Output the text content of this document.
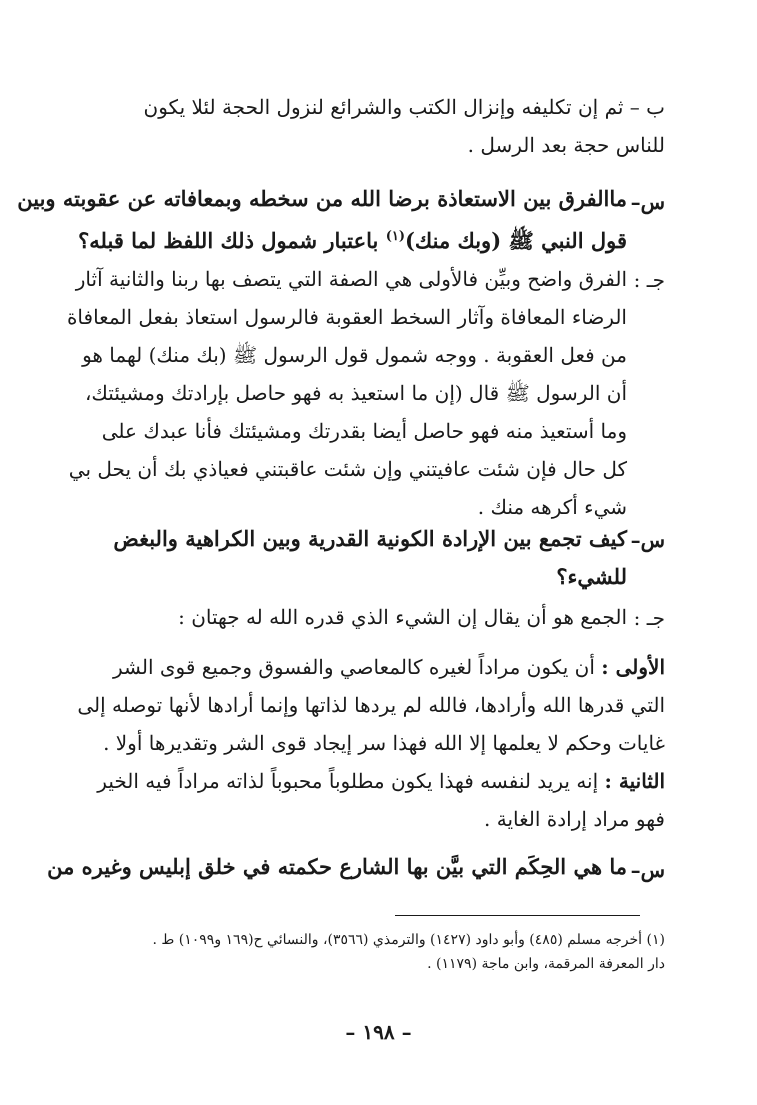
ب – ثم إن تكليفه وإنزال الكتب والشرائع لنزول الحجة لئلا يكون
للناس حجة بعد الرسل .
س–
ماالفرق بين الاستعاذة برضا الله من سخطه وبمعافاته عن عقوبته وبين
قول النبي ﷺ (وبك منك)$^{(١)}$ باعتبار شمول ذلك اللفظ لما قبله؟
جـ :
الفرق واضح وبيِّن فالأولى هي الصفة التي يتصف بها ربنا والثانية آثار
الرضاء المعافاة وآثار السخط العقوبة فالرسول استعاذ بفعل المعافاة
من فعل العقوبة . ووجه شمول قول الرسول ﷺ (بك منك) لهما هو
أن الرسول ﷺ قال (إن ما استعيذ به فهو حاصل بإرادتك ومشيئتك،
وما أستعيذ منه فهو حاصل أيضا بقدرتك ومشيئتك فأنا عبدك على
كل حال فإن شئت عافيتني وإن شئت عاقبتني فعياذي بك أن يحل بي
شيء أكرهه منك .
س–
كيف تجمع بين الإرادة الكونية القدرية وبين الكراهية والبغض
للشيء؟
جـ :
الجمع هو أن يقال إن الشيء الذي قدره الله له جهتان :
الأولى : أن يكون مراداً لغيره كالمعاصي والفسوق وجميع قوى الشر
التي قدرها الله وأرادها، فالله لم يردها لذاتها وإنما أرادها لأنها توصله إلى
غايات وحكم لا يعلمها إلا الله فهذا سر إيجاد قوى الشر وتقديرها أولا .
الثانية : إنه يريد لنفسه فهذا يكون مطلوباً محبوباً لذاته مراداً فيه الخير
فهو مراد إرادة الغاية .
س–
ما هي الحِكَم التي بيَّن بها الشارع حكمته في خلق إبليس وغيره من
(١) أخرجه مسلم (٤٨٥) وأبو داود (١٤٢٧) والترمذي (٣٥٦٦)، والنسائي ح(١٦٩ و١٠٩٩) ط .
دار المعرفة المرقمة، وابن ماجة (١١٧٩) .
– ١٩٨ –
